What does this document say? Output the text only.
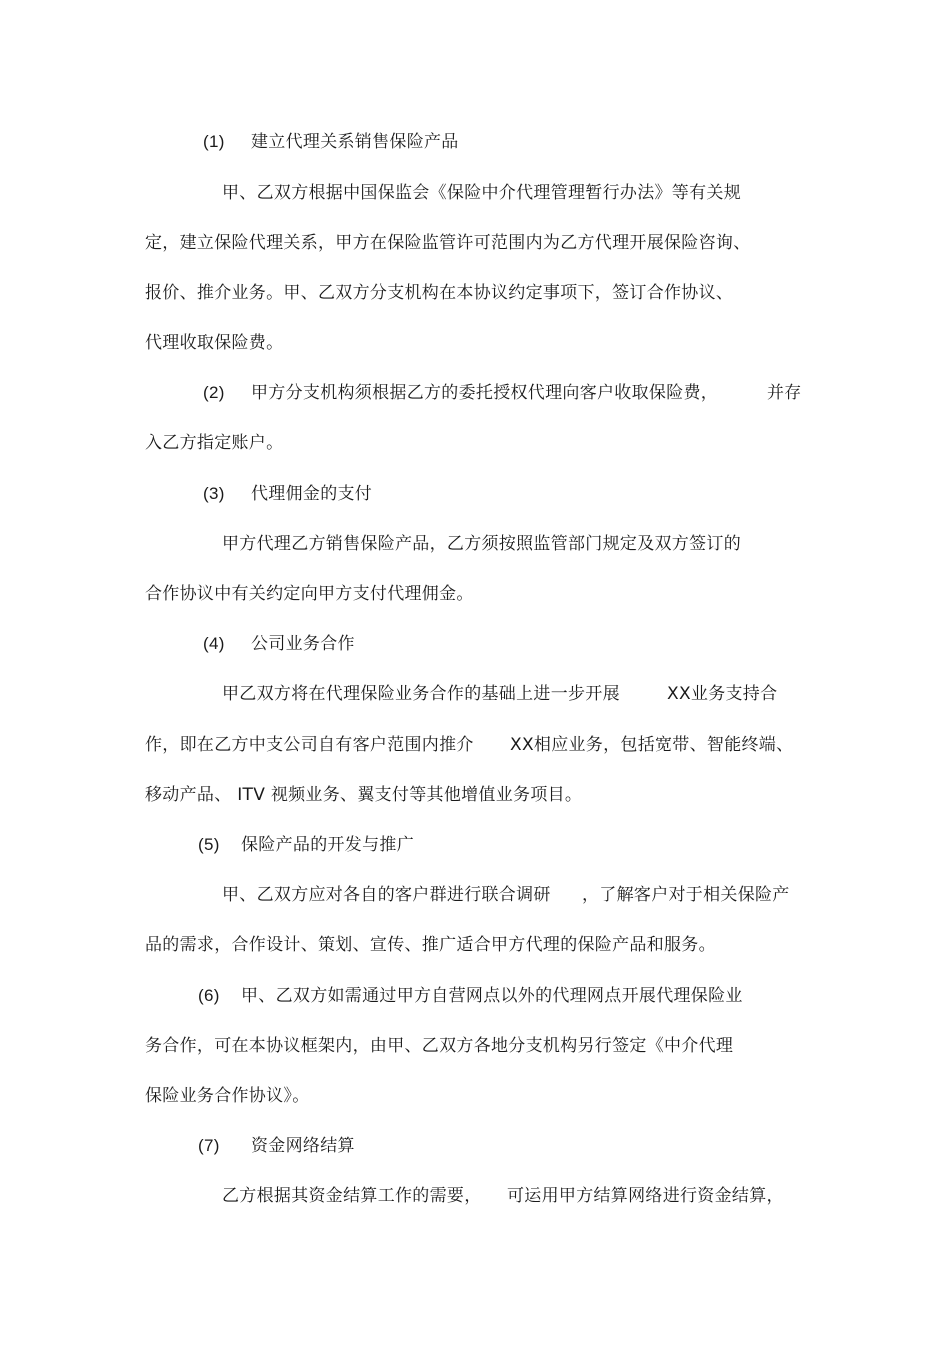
(1) 建立代理关系销售保险产品
甲、乙双方根据中国保监会《保险中介代理管理暂行办法》等有关规
定，建立保险代理关系，甲方在保险监管许可范围内为乙方代理开展保险咨询、
报价、推介业务。甲、乙双方分支机构在本协议约定事项下，签订合作协议、
代理收取保险费。
(2) 甲方分支机构须根据乙方的委托授权代理向客户收取保险费，	并存
入乙方指定账户。
(3) 代理佣金的支付
甲方代理乙方销售保险产品，乙方须按照监管部门规定及双方签订的
合作协议中有关约定向甲方支付代理佣金。
(4) 公司业务合作
甲乙双方将在代理保险业务合作的基础上进一步开展	XX业务支持合
作，即在乙方中支公司自有客户范围内推介 XX相应业务，包括宽带、智能终端、
移动产品、 ITV 视频业务、翼支付等其他增值业务项目。
(5) 保险产品的开发与推广
甲、乙双方应对各自的客户群进行联合调研 ，了解客户对于相关保险产
品的需求，合作设计、策划、宣传、推广适合甲方代理的保险产品和服务。
(6) 甲、乙双方如需通过甲方自营网点以外的代理网点开展代理保险业
务合作，可在本协议框架内，由甲、乙双方各地分支机构另行签定《中介代理
保险业务合作协议》。
(7) 资金网络结算
乙方根据其资金结算工作的需要， 可运用甲方结算网络进行资金结算，
